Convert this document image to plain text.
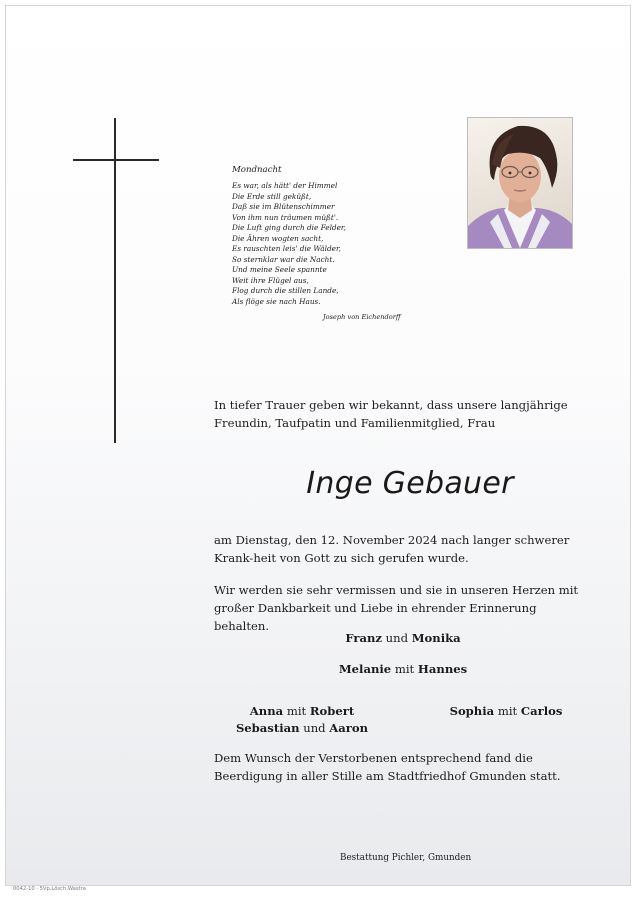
Mondnacht
Es war, als hätt' der Himmel
Die Erde still geküßt,
Daß sie im Blütenschimmer
Von ihm nun träumen müßt'.
Die Luft ging durch die Felder,
Die Ähren wogten sacht,
Es rauschten leis' die Wälder,
So sternklar war die Nacht.
Und meine Seele spannte
Weit ihre Flügel aus,
Flog durch die stillen Lande,
Als flöge sie nach Haus.
Joseph von Eichendorff
In tiefer Trauer geben wir bekannt, dass unsere langjährige Freundin, Taufpatin und Familienmitglied, Frau
Inge Gebauer
am Dienstag, den 12. November 2024 nach langer schwerer Krank-heit von Gott zu sich gerufen wurde.
Wir werden sie sehr vermissen und sie in unseren Herzen mit großer Dankbarkeit und Liebe in ehrender Erinnerung behalten.
Franz und Monika
Melanie mit Hannes
Anna mit Robert
Sebastian und Aaron
Sophia mit Carlos
Dem Wunsch der Verstorbenen entsprechend fand die Beerdigung in aller Stille am Stadtfriedhof Gmunden statt.
Bestattung Pichler, Gmunden
0042-10 · 5Vp.Lösch.Wastra
